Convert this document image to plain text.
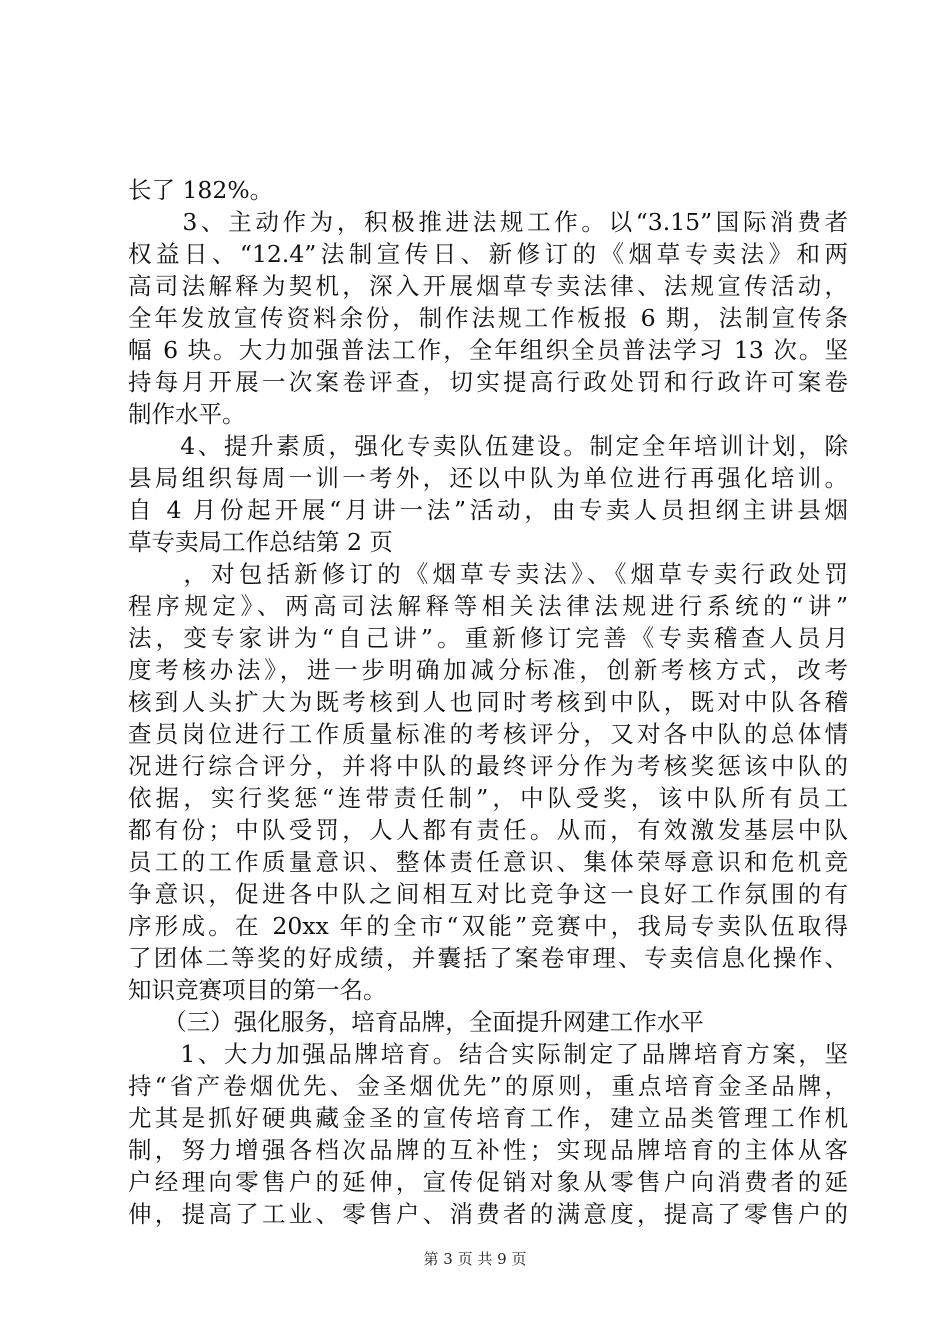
长了 182%。
　　3、主动作为，积极推进法规工作。以“3.15”国际消费者
权益日、“12.4”法制宣传日、新修订的《烟草专卖法》和两
高司法解释为契机，深入开展烟草专卖法律、法规宣传活动，
全年发放宣传资料余份，制作法规工作板报 6 期，法制宣传条
幅 6 块。大力加强普法工作，全年组织全员普法学习 13 次。坚
持每月开展一次案卷评查，切实提高行政处罚和行政许可案卷
制作水平。
　　4、提升素质，强化专卖队伍建设。制定全年培训计划，除
县局组织每周一训一考外，还以中队为单位进行再强化培训。
自 4 月份起开展“月讲一法”活动，由专卖人员担纲主讲县烟
草专卖局工作总结第 2 页
　　，对包括新修订的《烟草专卖法》、《烟草专卖行政处罚
程序规定》、两高司法解释等相关法律法规进行系统的“讲”
法，变专家讲为“自己讲”。重新修订完善《专卖稽查人员月
度考核办法》，进一步明确加减分标准，创新考核方式，改考
核到人头扩大为既考核到人也同时考核到中队，既对中队各稽
查员岗位进行工作质量标准的考核评分，又对各中队的总体情
况进行综合评分，并将中队的最终评分作为考核奖惩该中队的
依据，实行奖惩“连带责任制”，中队受奖，该中队所有员工
都有份；中队受罚，人人都有责任。从而，有效激发基层中队
员工的工作质量意识、整体责任意识、集体荣辱意识和危机竞
争意识，促进各中队之间相互对比竞争这一良好工作氛围的有
序形成。在 20xx 年的全市“双能”竞赛中，我局专卖队伍取得
了团体二等奖的好成绩，并囊括了案卷审理、专卖信息化操作、
知识竞赛项目的第一名。
　　（三）强化服务，培育品牌，全面提升网建工作水平
　　1、大力加强品牌培育。结合实际制定了品牌培育方案，坚
持“省产卷烟优先、金圣烟优先”的原则，重点培育金圣品牌，
尤其是抓好硬典藏金圣的宣传培育工作，建立品类管理工作机
制，努力增强各档次品牌的互补性；实现品牌培育的主体从客
户经理向零售户的延伸，宣传促销对象从零售户向消费者的延
伸，提高了工业、零售户、消费者的满意度，提高了零售户的
第 3 页 共 9 页
